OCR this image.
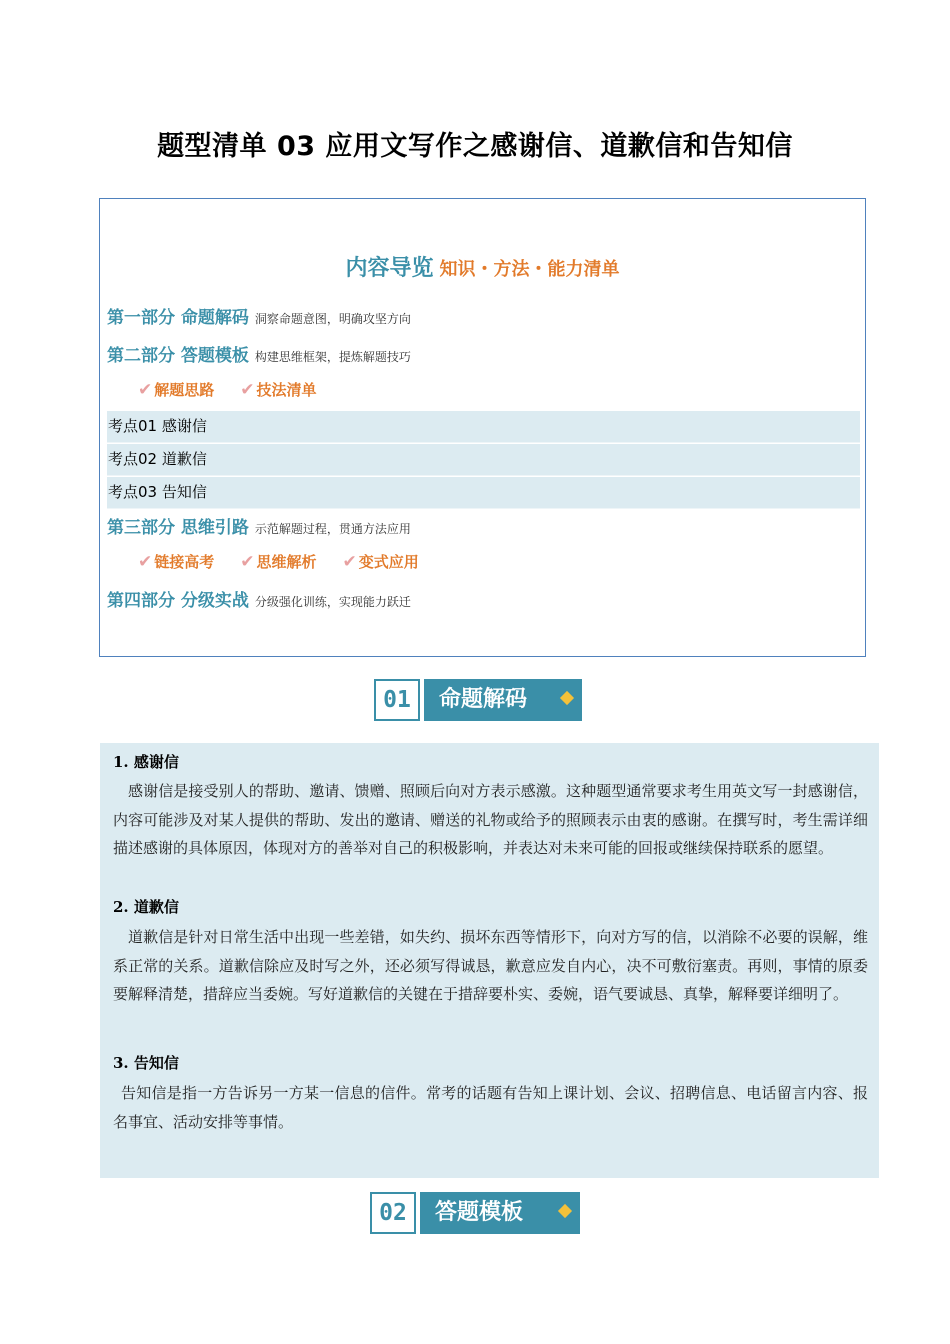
题型清单 03 应用文写作之感谢信、道歉信和告知信
内容导览 知识・方法・能力清单
第一部分 命题解码 洞察命题意图，明确攻坚方向
第二部分 答题模板 构建思维框架，提炼解题技巧
✔ 解题思路 ✔ 技法清单
考点01 感谢信
考点02 道歉信
考点03 告知信
第三部分 思维引路 示范解题过程，贯通方法应用
✔ 链接高考 ✔ 思维解析 ✔ 变式应用
第四部分 分级实战 分级强化训练，实现能力跃迁
01	命题解码
1. 感谢信
感谢信是接受别人的帮助、邀请、馈赠、照顾后向对方表示感激。这种题型通常要求考生用英文写一封感谢信，内容可能涉及对某人提供的帮助、发出的邀请、赠送的礼物或给予的照顾表示由衷的感谢。在撰写时，考生需详细描述感谢的具体原因，体现对方的善举对自己的积极影响，并表达对未来可能的回报或继续保持联系的愿望。
2. 道歉信
道歉信是针对日常生活中出现一些差错，如失约、损坏东西等情形下，向对方写的信，以消除不必要的误解，维系正常的关系。道歉信除应及时写之外，还必须写得诚恳，歉意应发自内心，决不可敷衍塞责。再则，事情的原委要解释清楚，措辞应当委婉。写好道歉信的关键在于措辞要朴实、委婉，语气要诚恳、真挚，解释要详细明了。
3. 告知信
告知信是指一方告诉另一方某一信息的信件。常考的话题有告知上课计划、会议、招聘信息、电话留言内容、报名事宜、活动安排等事情。
02	答题模板
